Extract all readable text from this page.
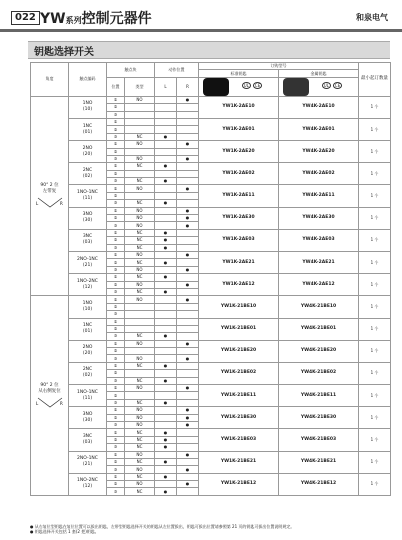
022 YW系列控制元器件	和泉电气
钥匙选择开关
角度	触点编码	触点块		动作位置		订购型号		最小起订数量
						标准钥匙	金属钥匙	
		位置	类型	L	R	UL CE	UL CE	

90° 2 位
左带复
L R	1NO
(10)	①	NO		●	YW1K-2AE10	YW4K-2AE10	1 个
		②						
		③						
	1NC
(01)	①				YW1K-2AE01	YW4K-2AE01	1 个
		②						
		③	NC	●				
	2NO
(20)	①	NO		●	YW1K-2AE20	YW4K-2AE20	1 个
		②						
		③	NO		●			
	2NC
(02)	①	NC	●		YW1K-2AE02	YW4K-2AE02	1 个
		②						
		③	NC	●				
	1NO-1NC
(11)	①	NO		●	YW1K-2AE11	YW4K-2AE11	1 个
		②						
		③	NC	●				
	3NO
(30)	①	NO		●	YW1K-2AE30	YW4K-2AE30	1 个
		②	NO		●			
		③	NO		●			
	3NC
(03)	①	NC	●		YW1K-2AE03	YW4K-2AE03	1 个
		②	NC	●				
		③	NC	●				
	2NO-1NC
(21)	①	NO		●	YW1K-2AE21	YW4K-2AE21	1 个
		②	NC	●				
		③	NO		●			
	1NO-2NC
(12)	①	NC	●		YW1K-2AE12	YW4K-2AE12	1 个
		②	NO		●			
		③	NC	●				

90° 2 位
从右侧复位
L R	1NO
(10)	①	NO		●	YW1K-21BE10	YW4K-21BE10	1 个
		②						
		③						
	1NC
(01)	①				YW1K-21BE01	YW4K-21BE01	1 个
		②						
		③	NC	●				
	2NO
(20)	①	NO		●	YW1K-21BE20	YW4K-21BE20	1 个
		②						
		③	NO		●			
	2NC
(02)	①	NC	●		YW1K-21BE02	YW4K-21BE02	1 个
		②						
		③	NC	●				
	1NO-1NC
(11)	①	NO		●	YW1K-21BE11	YW4K-21BE11	1 个
		②						
		③	NC	●				
	3NO
(30)	①	NO		●	YW1K-21BE30	YW4K-21BE30	1 个
		②	NO		●			
		③	NO		●			
	3NC
(03)	①	NC	●		YW1K-21BE03	YW4K-21BE03	1 个
		②	NC	●				
		③	NC	●				
	2NO-1NC
(21)	①	NO		●	YW1K-21BE21	YW4K-21BE21	1 个
		②	NC	●				
		③	NO		●			
	1NO-2NC
(12)	①	NC	●		YW1K-21BE12	YW4K-21BE12	1 个
		②	NO		●			
		③	NC	●				
● 从右复位型钥匙在复位位置可以拔出钥匙，左带型钥匙选择开关的钥匙从左位置拔出，钥匙可拔出位置请参照第 21 页的钥匙可拔出位置说明规定。
● 钥匙选择开关包括 1 套(2 把)钥匙。
